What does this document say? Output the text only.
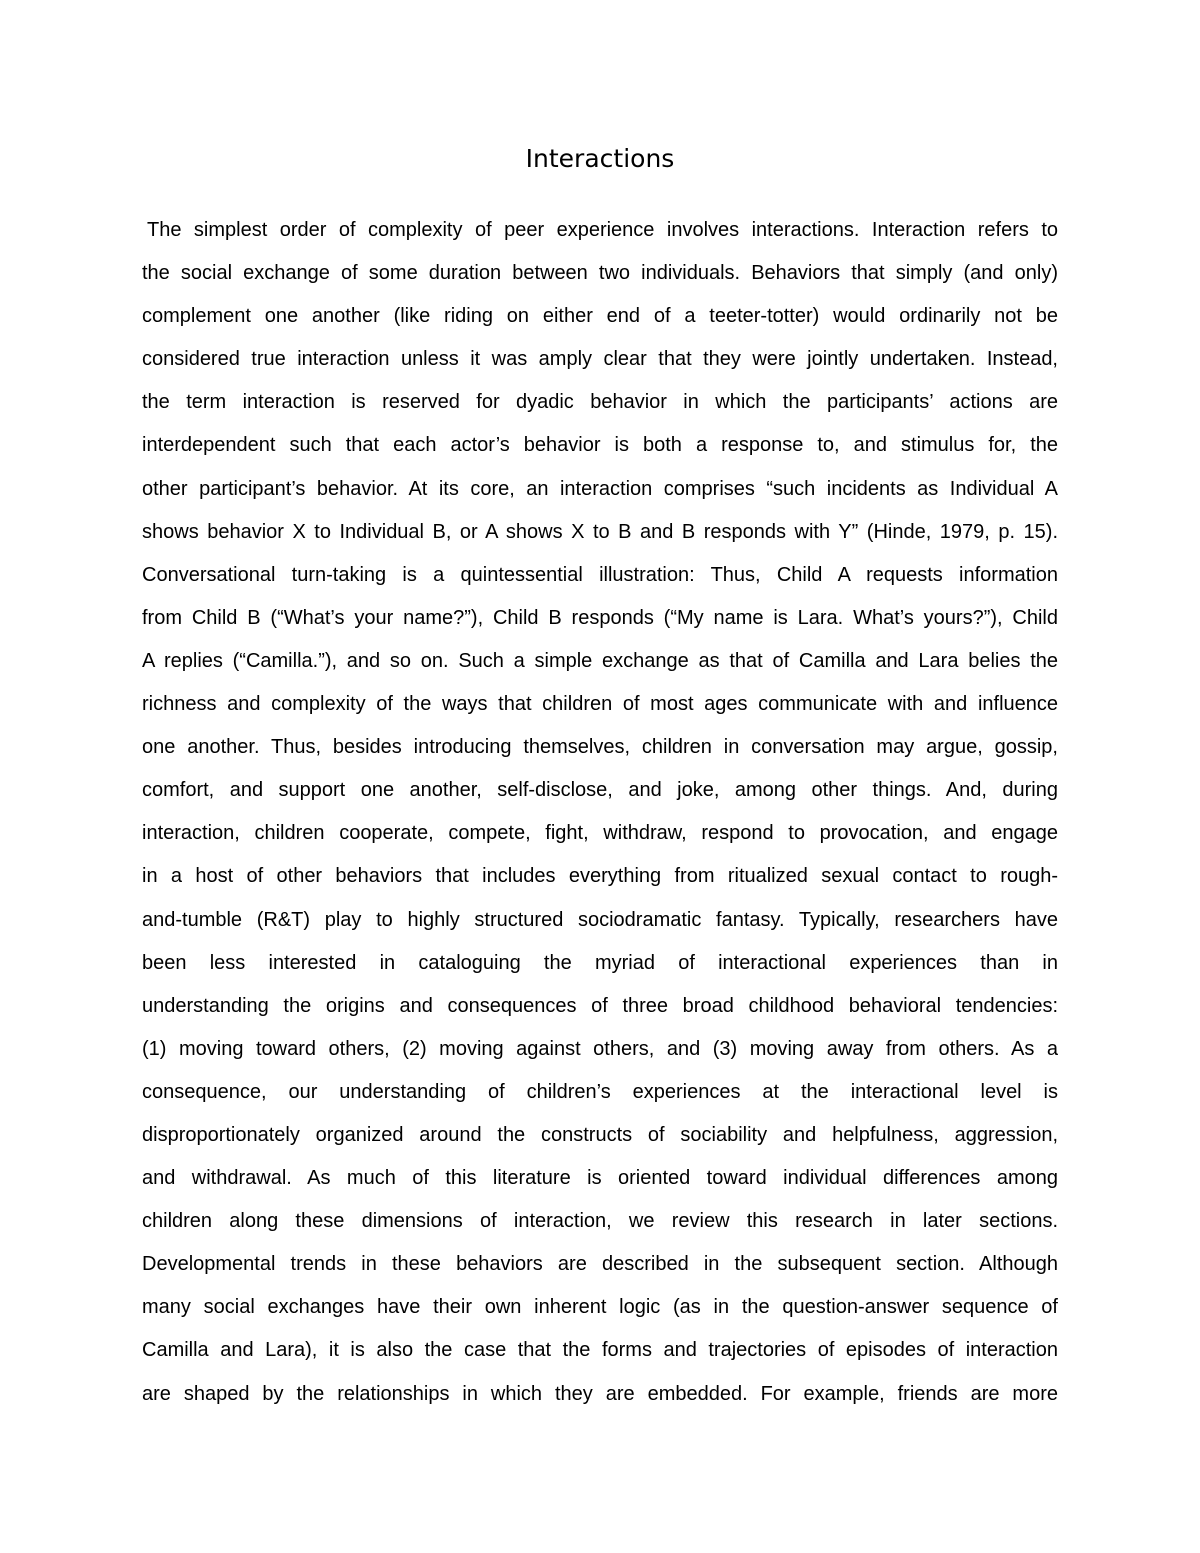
Interactions
The simplest order of complexity of peer experience involves interactions. Interaction refers to
the social exchange of some duration between two individuals. Behaviors that simply (and only)
complement one another (like riding on either end of a teeter-totter) would ordinarily not be
considered true interaction unless it was amply clear that they were jointly undertaken. Instead,
the term interaction is reserved for dyadic behavior in which the participants’ actions are
interdependent such that each actor’s behavior is both a response to, and stimulus for, the
other participant’s behavior. At its core, an interaction comprises “such incidents as Individual A
shows behavior X to Individual B, or A shows X to B and B responds with Y” (Hinde, 1979, p. 15).
Conversational turn-taking is a quintessential illustration: Thus, Child A requests information
from Child B (“What’s your name?”), Child B responds (“My name is Lara. What’s yours?”), Child
A replies (“Camilla.”), and so on. Such a simple exchange as that of Camilla and Lara belies the
richness and complexity of the ways that children of most ages communicate with and influence
one another. Thus, besides introducing themselves, children in conversation may argue, gossip,
comfort, and support one another, self-disclose, and joke, among other things. And, during
interaction, children cooperate, compete, fight, withdraw, respond to provocation, and engage
in a host of other behaviors that includes everything from ritualized sexual contact to rough-
and-tumble (R&T) play to highly structured sociodramatic fantasy. Typically, researchers have
been less interested in cataloguing the myriad of interactional experiences than in
understanding the origins and consequences of three broad childhood behavioral tendencies:
(1) moving toward others, (2) moving against others, and (3) moving away from others. As a
consequence, our understanding of children’s experiences at the interactional level is
disproportionately organized around the constructs of sociability and helpfulness, aggression,
and withdrawal. As much of this literature is oriented toward individual differences among
children along these dimensions of interaction, we review this research in later sections.
Developmental trends in these behaviors are described in the subsequent section. Although
many social exchanges have their own inherent logic (as in the question-answer sequence of
Camilla and Lara), it is also the case that the forms and trajectories of episodes of interaction
are shaped by the relationships in which they are embedded. For example, friends are more
